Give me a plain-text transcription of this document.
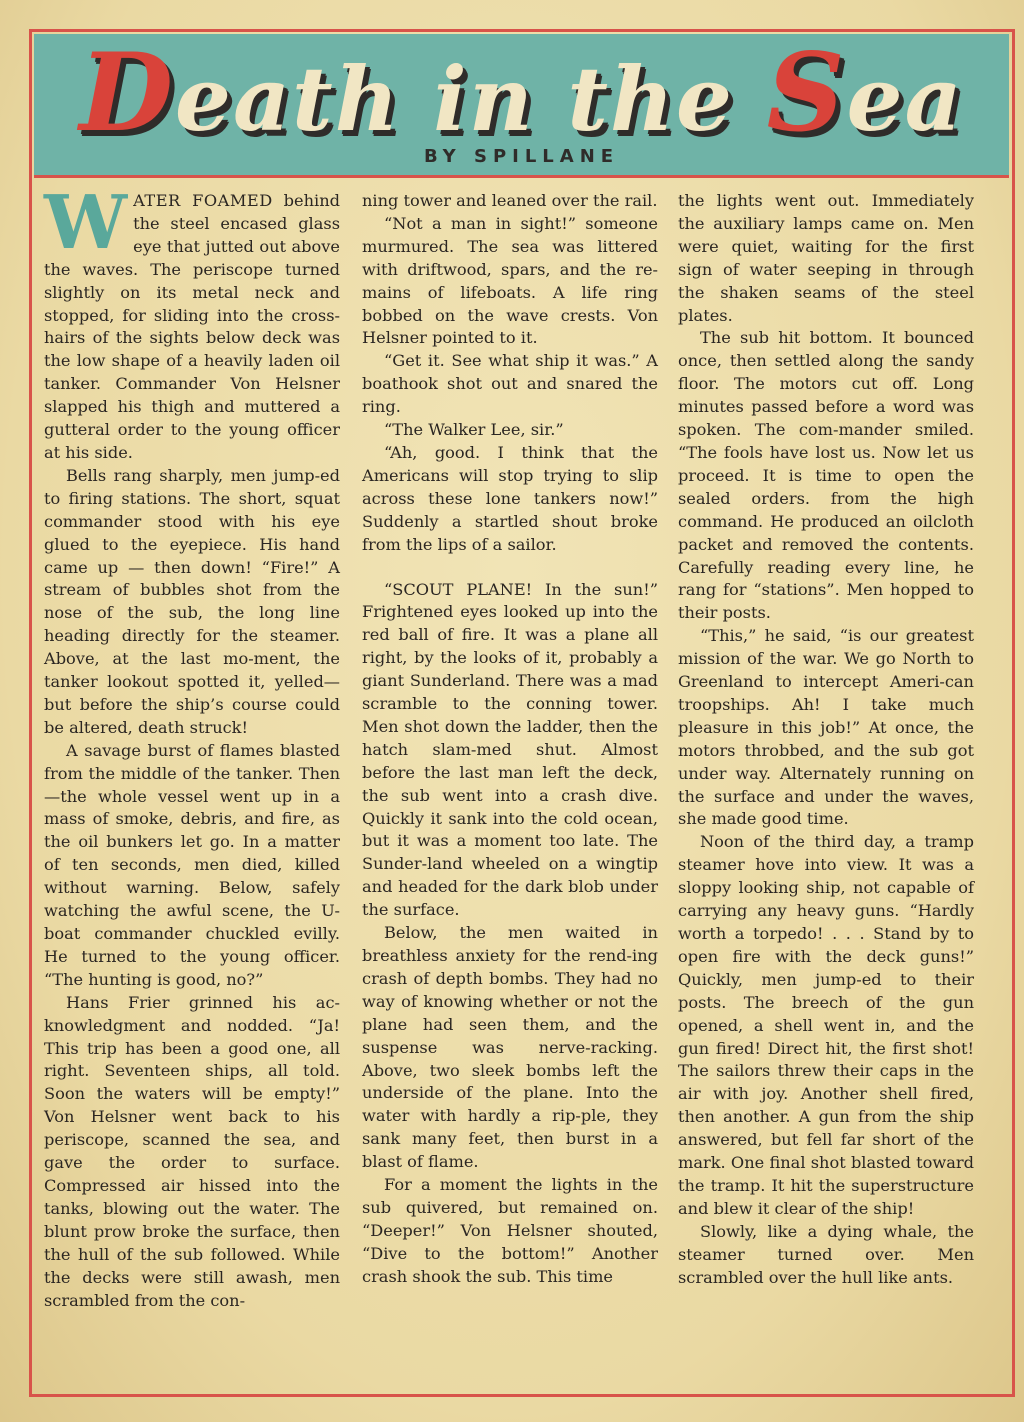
Death in the Sea
BY SPILLANE

WATER FOAMED behind the steel encased glass eye that jutted out above the waves. The periscope turned slightly on its metal neck and stopped, for sliding into the cross-hairs of the sights below deck was the low shape of a heavily laden oil tanker. Commander Von Helsner slapped his thigh and muttered a gutteral order to the young officer at his side.

Bells rang sharply, men jump-ed to firing stations. The short, squat commander stood with his eye glued to the eyepiece. His hand came up — then down! “Fire!” A stream of bubbles shot from the nose of the sub, the long line heading directly for the steamer. Above, at the last mo-ment, the tanker lookout spotted it, yelled—but before the ship’s course could be altered, death struck!

A savage burst of flames blasted from the middle of the tanker. Then—the whole vessel went up in a mass of smoke, debris, and fire, as the oil bunkers let go. In a matter of ten seconds, men died, killed without warning. Below, safely watching the awful scene, the U-boat commander chuckled evilly. He turned to the young officer. “The hunting is good, no?”

Hans Frier grinned his ac-knowledgment and nodded. “Ja! This trip has been a good one, all right. Seventeen ships, all told. Soon the waters will be empty!” Von Helsner went back to his periscope, scanned the sea, and gave the order to surface. Compressed air hissed into the tanks, blowing out the water. The blunt prow broke the surface, then the hull of the sub followed. While the decks were still awash, men scrambled from the con-

ning tower and leaned over the rail.

“Not a man in sight!” someone murmured. The sea was littered with driftwood, spars, and the re-mains of lifeboats. A life ring bobbed on the wave crests. Von Helsner pointed to it.

“Get it. See what ship it was.” A boathook shot out and snared the ring.

“The Walker Lee, sir.”

“Ah, good. I think that the Americans will stop trying to slip across these lone tankers now!” Suddenly a startled shout broke from the lips of a sailor.

“SCOUT PLANE! In the sun!” Frightened eyes looked up into the red ball of fire. It was a plane all right, by the looks of it, probably a giant Sunderland. There was a mad scramble to the conning tower. Men shot down the ladder, then the hatch slam-med shut. Almost before the last man left the deck, the sub went into a crash dive. Quickly it sank into the cold ocean, but it was a moment too late. The Sunder-land wheeled on a wingtip and headed for the dark blob under the surface.

Below, the men waited in breathless anxiety for the rend-ing crash of depth bombs. They had no way of knowing whether or not the plane had seen them, and the suspense was nerve-racking. Above, two sleek bombs left the underside of the plane. Into the water with hardly a rip-ple, they sank many feet, then burst in a blast of flame.

For a moment the lights in the sub quivered, but remained on. “Deeper!” Von Helsner shouted, “Dive to the bottom!” Another crash shook the sub. This time

the lights went out. Immediately the auxiliary lamps came on. Men were quiet, waiting for the first sign of water seeping in through the shaken seams of the steel plates.

The sub hit bottom. It bounced once, then settled along the sandy floor. The motors cut off. Long minutes passed before a word was spoken. The com-mander smiled. “The fools have lost us. Now let us proceed. It is time to open the sealed orders. from the high command. He produced an oilcloth packet and removed the contents. Carefully reading every line, he rang for “stations”. Men hopped to their posts.

“This,” he said, “is our greatest mission of the war. We go North to Greenland to intercept Ameri-can troopships. Ah! I take much pleasure in this job!” At once, the motors throbbed, and the sub got under way. Alternately running on the surface and under the waves, she made good time.

Noon of the third day, a tramp steamer hove into view. It was a sloppy looking ship, not capable of carrying any heavy guns. “Hardly worth a torpedo! . . . Stand by to open fire with the deck guns!” Quickly, men jump-ed to their posts. The breech of the gun opened, a shell went in, and the gun fired! Direct hit, the first shot! The sailors threw their caps in the air with joy. Another shell fired, then another. A gun from the ship answered, but fell far short of the mark. One final shot blasted toward the tramp. It hit the superstructure and blew it clear of the ship!

Slowly, like a dying whale, the steamer turned over. Men scrambled over the hull like ants.
